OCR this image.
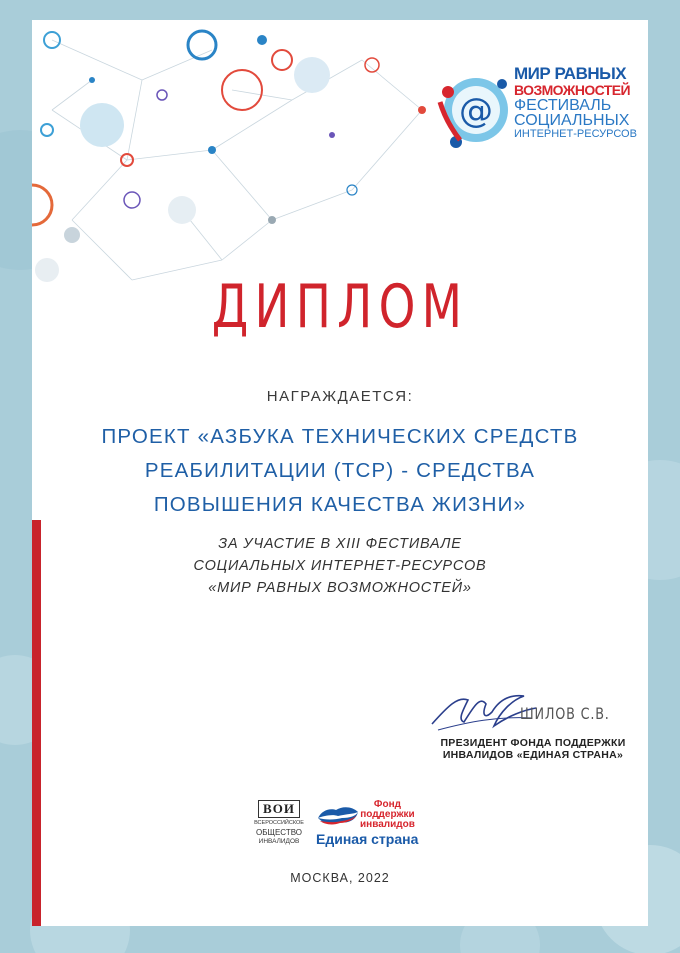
@
МИР РАВНЫХ
ВОЗМОЖНОСТЕЙ
ФЕСТИВАЛЬ
СОЦИАЛЬНЫХ
ИНТЕРНЕТ-РЕСУРСОВ
ДИПЛОМ
НАГРАЖДАЕТСЯ:
ПРОЕКТ «АЗБУКА ТЕХНИЧЕСКИХ СРЕДСТВ
РЕАБИЛИТАЦИИ (ТСР) - СРЕДСТВА
ПОВЫШЕНИЯ КАЧЕСТВА ЖИЗНИ»
ЗА УЧАСТИЕ В XIII ФЕСТИВАЛЕ
СОЦИАЛЬНЫХ ИНТЕРНЕТ-РЕСУРСОВ
«МИР РАВНЫХ ВОЗМОЖНОСТЕЙ»
ШИЛОВ С.В.
ПРЕЗИДЕНТ ФОНДА ПОДДЕРЖКИ
ИНВАЛИДОВ «ЕДИНАЯ СТРАНА»
ВОИ
ВСЕРОССИЙСКОЕ
ОБЩЕСТВО
ИНВАЛИДОВ
Фонд
поддержки
инвалидов
Единая страна
МОСКВА, 2022
